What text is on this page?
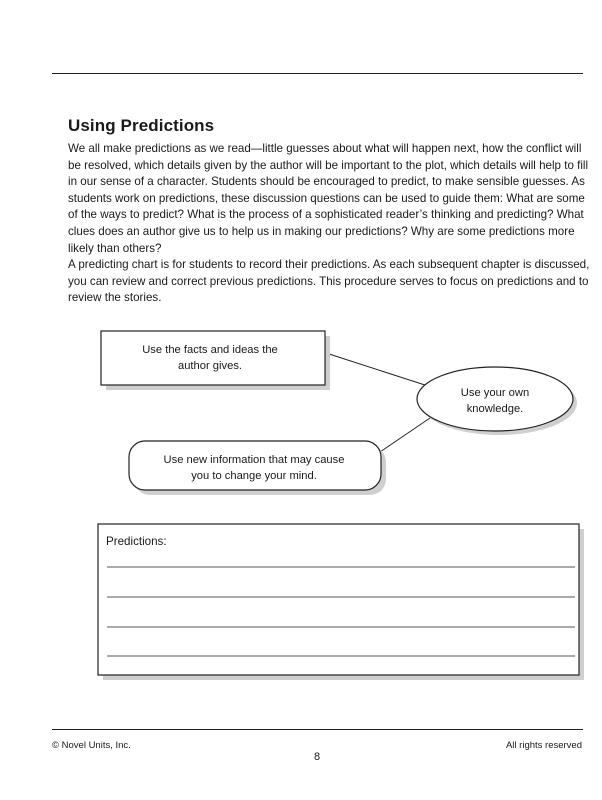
Using Predictions
We all make predictions as we read—little guesses about what will happen next, how the conflict will be resolved, which details given by the author will be important to the plot, which details will help to fill in our sense of a character. Students should be encouraged to predict, to make sensible guesses. As students work on predictions, these discussion questions can be used to guide them: What are some of the ways to predict? What is the process of a sophisticated reader’s thinking and predicting? What clues does an author give us to help us in making our predictions? Why are some predictions more likely than others?
A predicting chart is for students to record their predictions. As each subsequent chapter is discussed, you can review and correct previous predictions. This procedure serves to focus on predictions and to review the stories.
Use the facts and ideas the
author gives.
Use your own
knowledge.
Use new information that may cause
you to change your mind.
Predictions:
© Novel Units, Inc.	All rights reserved
8
